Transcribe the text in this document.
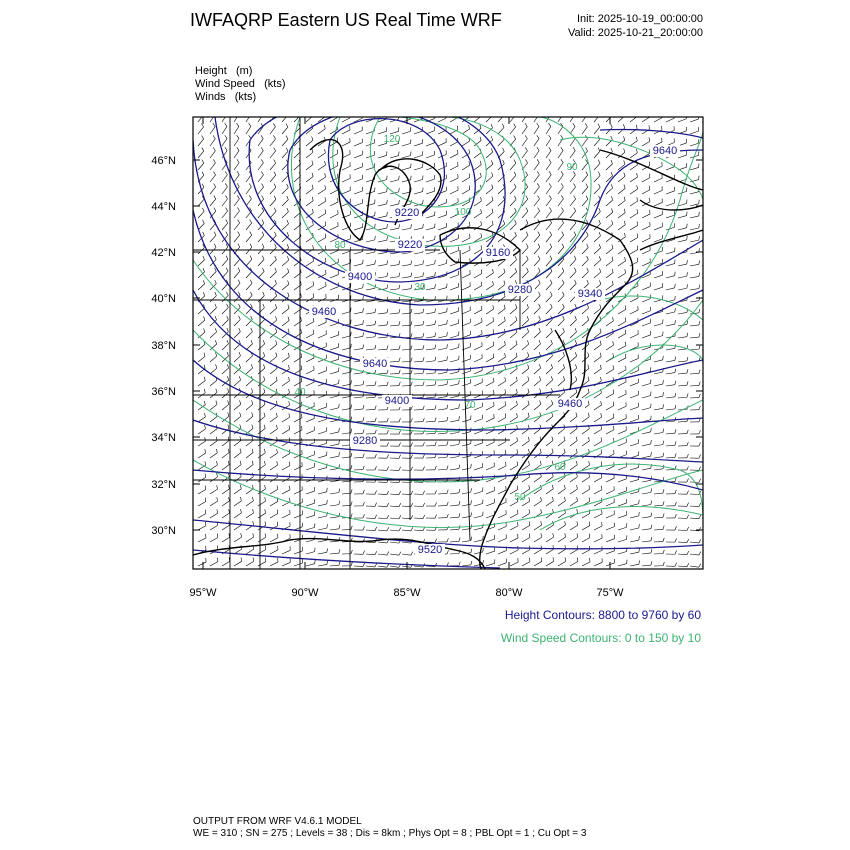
IWFAQRP Eastern US Real Time WRF	Init: 2025-10-19_00:00:00
Valid: 2025-10-21_20:00:00
Height (m)
Wind Speed (kts)
Winds (kts)
46°N
44°N
42°N
40°N
38°N
36°N
34°N
32°N
30°N
95°W	90°W	85°W	80°W	75°W
9220
9400
9460
9640
9160
9280	9340
9280
9400	9460
9520
9640
9220
120
100
90
80
70
60
50
40
30
Height Contours: 8800 to 9760 by 60
Wind Speed Contours: 0 to 150 by 10
OUTPUT FROM WRF V4.6.1 MODEL
WE = 310 ; SN = 275 ; Levels = 38 ; Dis = 8km ; Phys Opt = 8 ; PBL Opt = 1 ; Cu Opt = 3
